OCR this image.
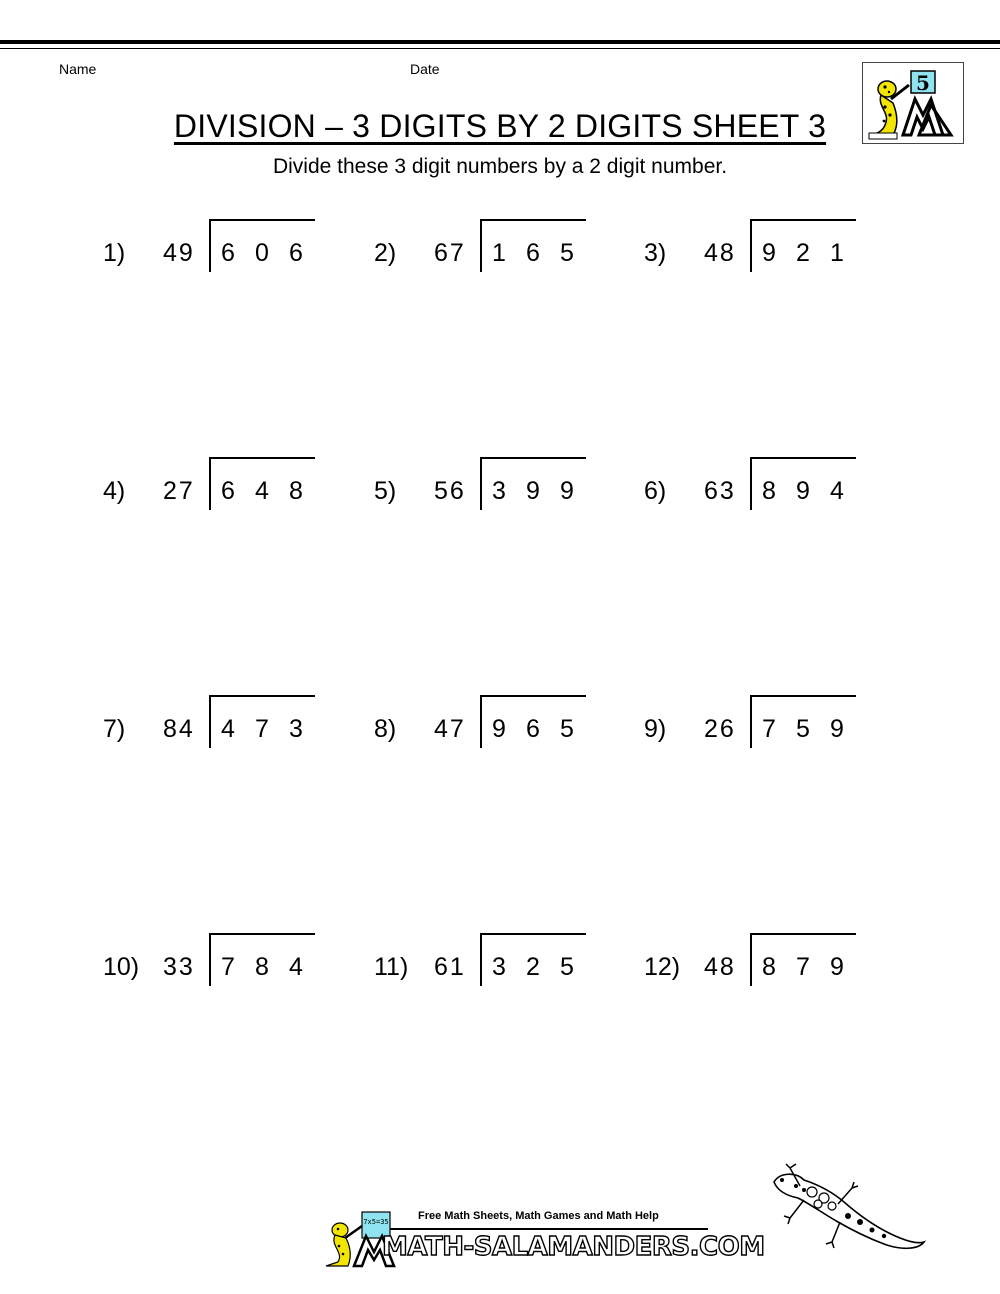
Name	Date
DIVISION – 3 DIGITS BY 2 DIGITS SHEET 3
Divide these 3 digit numbers by a 2 digit number.
5
1) 49 6 0 6	2) 67 1 6 5	3) 48 9 2 1
4) 27 6 4 8	5) 56 3 9 9	6) 63 8 9 4
7) 84 4 7 3	8) 47 9 6 5	9) 26 7 5 9
10) 33 7 8 4	11) 61 3 2 5	12) 48 8 7 9
7x5=35	Free Math Sheets, Math Games and Math Help
MATH-SALAMANDERS.COM
